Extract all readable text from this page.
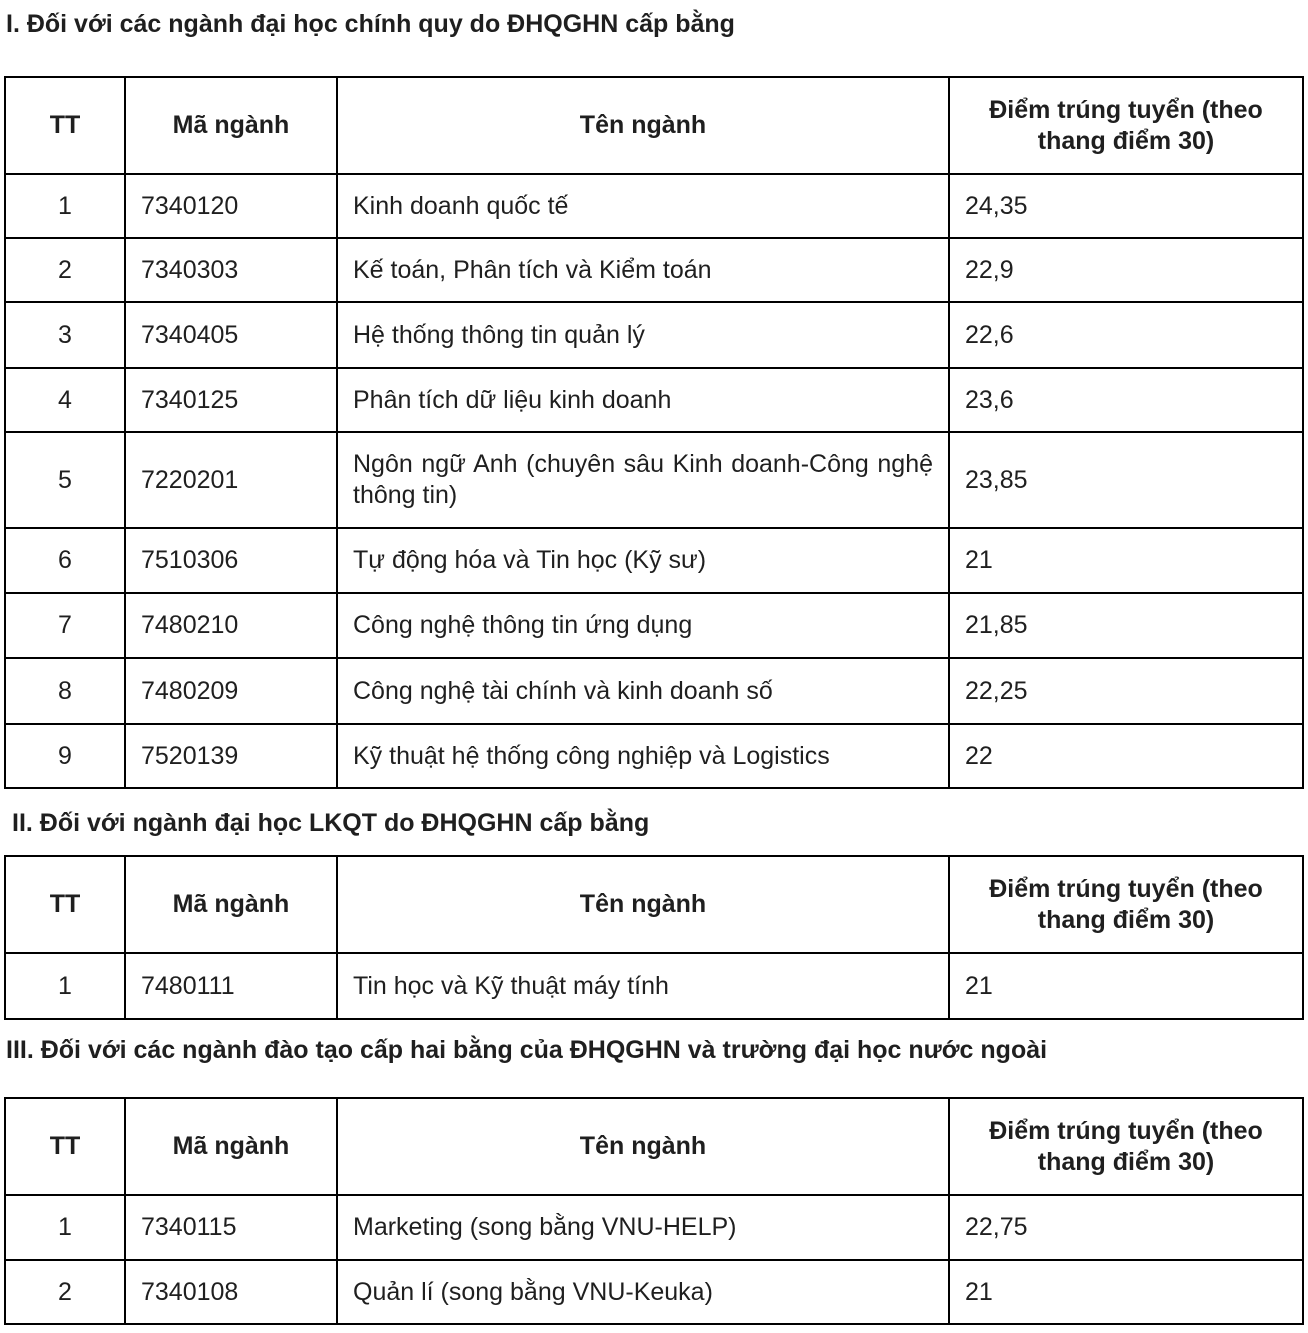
I. Đối với các ngành đại học chính quy do ĐHQGHN cấp bằng
TT	Mã ngành	Tên ngành	Điểm trúng tuyển (theo thang điểm 30)
1	7340120	Kinh doanh quốc tế	24,35
2	7340303	Kế toán, Phân tích và Kiểm toán	22,9
3	7340405	Hệ thống thông tin quản lý	22,6
4	7340125	Phân tích dữ liệu kinh doanh	23,6
5	7220201	Ngôn ngữ Anh (chuyên sâu Kinh doanh-Công nghệ thông tin)	23,85
6	7510306	Tự động hóa và Tin học (Kỹ sư)	21
7	7480210	Công nghệ thông tin ứng dụng	21,85
8	7480209	Công nghệ tài chính và kinh doanh số	22,25
9	7520139	Kỹ thuật hệ thống công nghiệp và Logistics	22
II. Đối với ngành đại học LKQT do ĐHQGHN cấp bằng
TT	Mã ngành	Tên ngành	Điểm trúng tuyển (theo thang điểm 30)
1	7480111	Tin học và Kỹ thuật máy tính	21
III. Đối với các ngành đào tạo cấp hai bằng của ĐHQGHN và trường đại học nước ngoài
TT	Mã ngành	Tên ngành	Điểm trúng tuyển (theo thang điểm 30)
1	7340115	Marketing (song bằng VNU-HELP)	22,75
2	7340108	Quản lí (song bằng VNU-Keuka)	21
